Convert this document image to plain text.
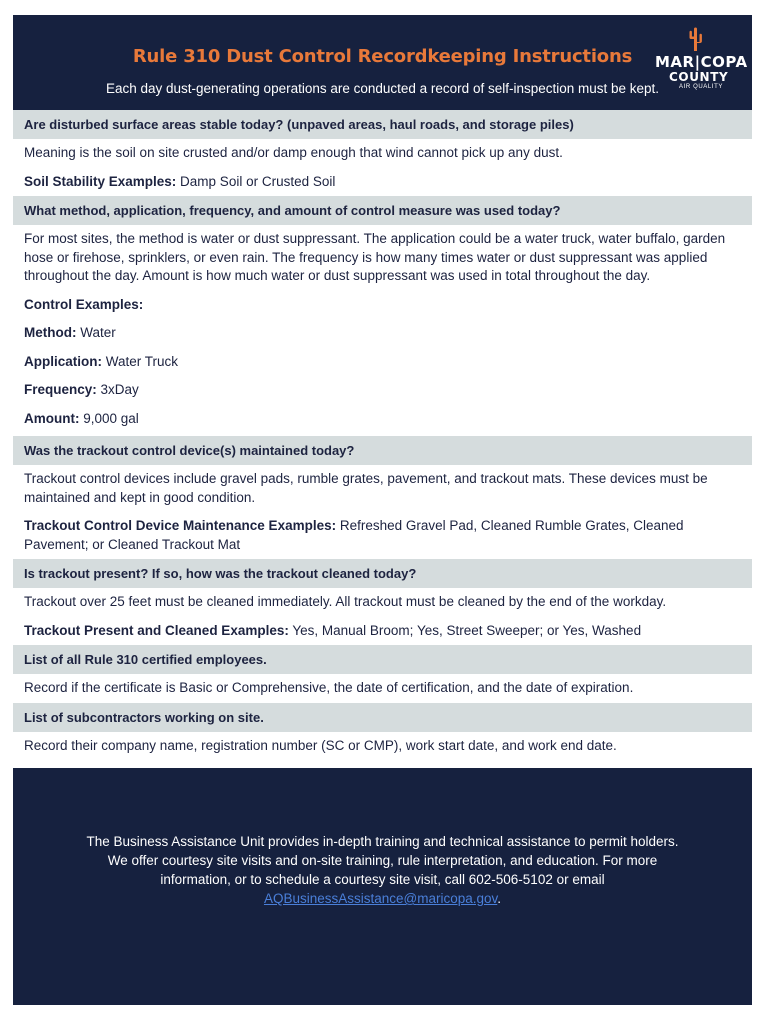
Rule 310 Dust Control Recordkeeping Instructions
Each day dust-generating operations are conducted a record of self-inspection must be kept.
MAR|COPA
COUNTY
AIR QUALITY
Are disturbed surface areas stable today? (unpaved areas, haul roads, and storage piles)
Meaning is the soil on site crusted and/or damp enough that wind cannot pick up any dust.
Soil Stability Examples: Damp Soil or Crusted Soil
What method, application, frequency, and amount of control measure was used today?
For most sites, the method is water or dust suppressant. The application could be a water truck, water buffalo, garden hose or firehose, sprinklers, or even rain. The frequency is how many times water or dust suppressant was applied throughout the day. Amount is how much water or dust suppressant was used in total throughout the day.
Control Examples:
Method: Water
Application: Water Truck
Frequency: 3xDay
Amount: 9,000 gal
Was the trackout control device(s) maintained today?
Trackout control devices include gravel pads, rumble grates, pavement, and trackout mats. These devices must be maintained and kept in good condition.
Trackout Control Device Maintenance Examples: Refreshed Gravel Pad, Cleaned Rumble Grates, Cleaned Pavement; or Cleaned Trackout Mat
Is trackout present? If so, how was the trackout cleaned today?
Trackout over 25 feet must be cleaned immediately. All trackout must be cleaned by the end of the workday.
Trackout Present and Cleaned Examples: Yes, Manual Broom; Yes, Street Sweeper; or Yes, Washed
List of all Rule 310 certified employees.
Record if the certificate is Basic or Comprehensive, the date of certification, and the date of expiration.
List of subcontractors working on site.
Record their company name, registration number (SC or CMP), work start date, and work end date.
The Business Assistance Unit provides in-depth training and technical assistance to permit holders.
We offer courtesy site visits and on-site training, rule interpretation, and education. For more
information, or to schedule a courtesy site visit, call 602-506-5102 or email
AQBusinessAssistance@maricopa.gov.
